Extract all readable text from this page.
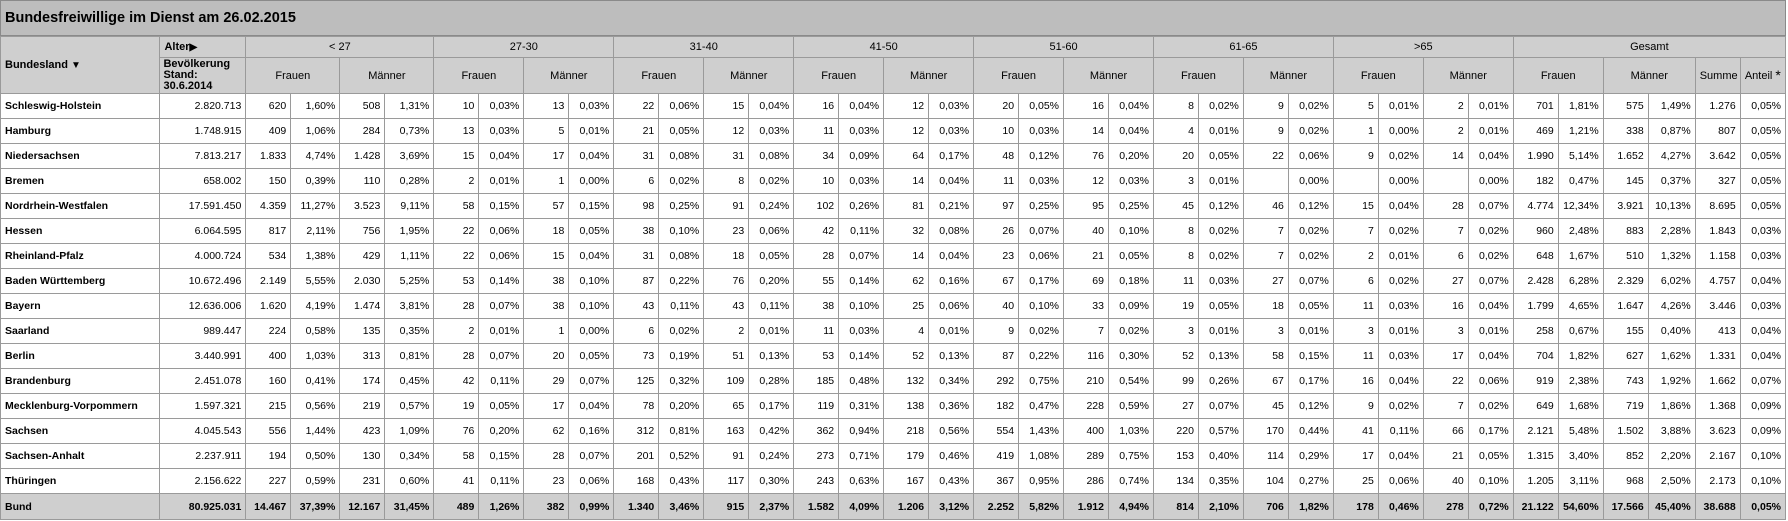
Bundesfreiwillige im Dienst am 26.02.2015
Bundesland ▼	Alter▶	< 27				27-30				31-40				41-50				51-60				61-65				>65				Gesamt					
	Bevölkerung
Stand: 30.6.2014	Frauen		Männer		Frauen		Männer		Frauen		Männer		Frauen		Männer		Frauen		Männer		Frauen		Männer		Frauen		Männer		Frauen		Männer		Summe	Anteil *
Schleswig-Holstein	2.820.713	620	1,60%	508	1,31%	10	0,03%	13	0,03%	22	0,06%	15	0,04%	16	0,04%	12	0,03%	20	0,05%	16	0,04%	8	0,02%	9	0,02%	5	0,01%	2	0,01%	701	1,81%	575	1,49%	1.276	0,05%
Hamburg	1.748.915	409	1,06%	284	0,73%	13	0,03%	5	0,01%	21	0,05%	12	0,03%	11	0,03%	12	0,03%	10	0,03%	14	0,04%	4	0,01%	9	0,02%	1	0,00%	2	0,01%	469	1,21%	338	0,87%	807	0,05%
Niedersachsen	7.813.217	1.833	4,74%	1.428	3,69%	15	0,04%	17	0,04%	31	0,08%	31	0,08%	34	0,09%	64	0,17%	48	0,12%	76	0,20%	20	0,05%	22	0,06%	9	0,02%	14	0,04%	1.990	5,14%	1.652	4,27%	3.642	0,05%
Bremen	658.002	150	0,39%	110	0,28%	2	0,01%	1	0,00%	6	0,02%	8	0,02%	10	0,03%	14	0,04%	11	0,03%	12	0,03%	3	0,01%		0,00%		0,00%		0,00%	182	0,47%	145	0,37%	327	0,05%
Nordrhein-Westfalen	17.591.450	4.359	11,27%	3.523	9,11%	58	0,15%	57	0,15%	98	0,25%	91	0,24%	102	0,26%	81	0,21%	97	0,25%	95	0,25%	45	0,12%	46	0,12%	15	0,04%	28	0,07%	4.774	12,34%	3.921	10,13%	8.695	0,05%
Hessen	6.064.595	817	2,11%	756	1,95%	22	0,06%	18	0,05%	38	0,10%	23	0,06%	42	0,11%	32	0,08%	26	0,07%	40	0,10%	8	0,02%	7	0,02%	7	0,02%	7	0,02%	960	2,48%	883	2,28%	1.843	0,03%
Rheinland-Pfalz	4.000.724	534	1,38%	429	1,11%	22	0,06%	15	0,04%	31	0,08%	18	0,05%	28	0,07%	14	0,04%	23	0,06%	21	0,05%	8	0,02%	7	0,02%	2	0,01%	6	0,02%	648	1,67%	510	1,32%	1.158	0,03%
Baden Württemberg	10.672.496	2.149	5,55%	2.030	5,25%	53	0,14%	38	0,10%	87	0,22%	76	0,20%	55	0,14%	62	0,16%	67	0,17%	69	0,18%	11	0,03%	27	0,07%	6	0,02%	27	0,07%	2.428	6,28%	2.329	6,02%	4.757	0,04%
Bayern	12.636.006	1.620	4,19%	1.474	3,81%	28	0,07%	38	0,10%	43	0,11%	43	0,11%	38	0,10%	25	0,06%	40	0,10%	33	0,09%	19	0,05%	18	0,05%	11	0,03%	16	0,04%	1.799	4,65%	1.647	4,26%	3.446	0,03%
Saarland	989.447	224	0,58%	135	0,35%	2	0,01%	1	0,00%	6	0,02%	2	0,01%	11	0,03%	4	0,01%	9	0,02%	7	0,02%	3	0,01%	3	0,01%	3	0,01%	3	0,01%	258	0,67%	155	0,40%	413	0,04%
Berlin	3.440.991	400	1,03%	313	0,81%	28	0,07%	20	0,05%	73	0,19%	51	0,13%	53	0,14%	52	0,13%	87	0,22%	116	0,30%	52	0,13%	58	0,15%	11	0,03%	17	0,04%	704	1,82%	627	1,62%	1.331	0,04%
Brandenburg	2.451.078	160	0,41%	174	0,45%	42	0,11%	29	0,07%	125	0,32%	109	0,28%	185	0,48%	132	0,34%	292	0,75%	210	0,54%	99	0,26%	67	0,17%	16	0,04%	22	0,06%	919	2,38%	743	1,92%	1.662	0,07%
Mecklenburg-Vorpommern	1.597.321	215	0,56%	219	0,57%	19	0,05%	17	0,04%	78	0,20%	65	0,17%	119	0,31%	138	0,36%	182	0,47%	228	0,59%	27	0,07%	45	0,12%	9	0,02%	7	0,02%	649	1,68%	719	1,86%	1.368	0,09%
Sachsen	4.045.543	556	1,44%	423	1,09%	76	0,20%	62	0,16%	312	0,81%	163	0,42%	362	0,94%	218	0,56%	554	1,43%	400	1,03%	220	0,57%	170	0,44%	41	0,11%	66	0,17%	2.121	5,48%	1.502	3,88%	3.623	0,09%
Sachsen-Anhalt	2.237.911	194	0,50%	130	0,34%	58	0,15%	28	0,07%	201	0,52%	91	0,24%	273	0,71%	179	0,46%	419	1,08%	289	0,75%	153	0,40%	114	0,29%	17	0,04%	21	0,05%	1.315	3,40%	852	2,20%	2.167	0,10%
Thüringen	2.156.622	227	0,59%	231	0,60%	41	0,11%	23	0,06%	168	0,43%	117	0,30%	243	0,63%	167	0,43%	367	0,95%	286	0,74%	134	0,35%	104	0,27%	25	0,06%	40	0,10%	1.205	3,11%	968	2,50%	2.173	0,10%
Bund	80.925.031	14.467	37,39%	12.167	31,45%	489	1,26%	382	0,99%	1.340	3,46%	915	2,37%	1.582	4,09%	1.206	3,12%	2.252	5,82%	1.912	4,94%	814	2,10%	706	1,82%	178	0,46%	278	0,72%	21.122	54,60%	17.566	45,40%	38.688	0,05%
